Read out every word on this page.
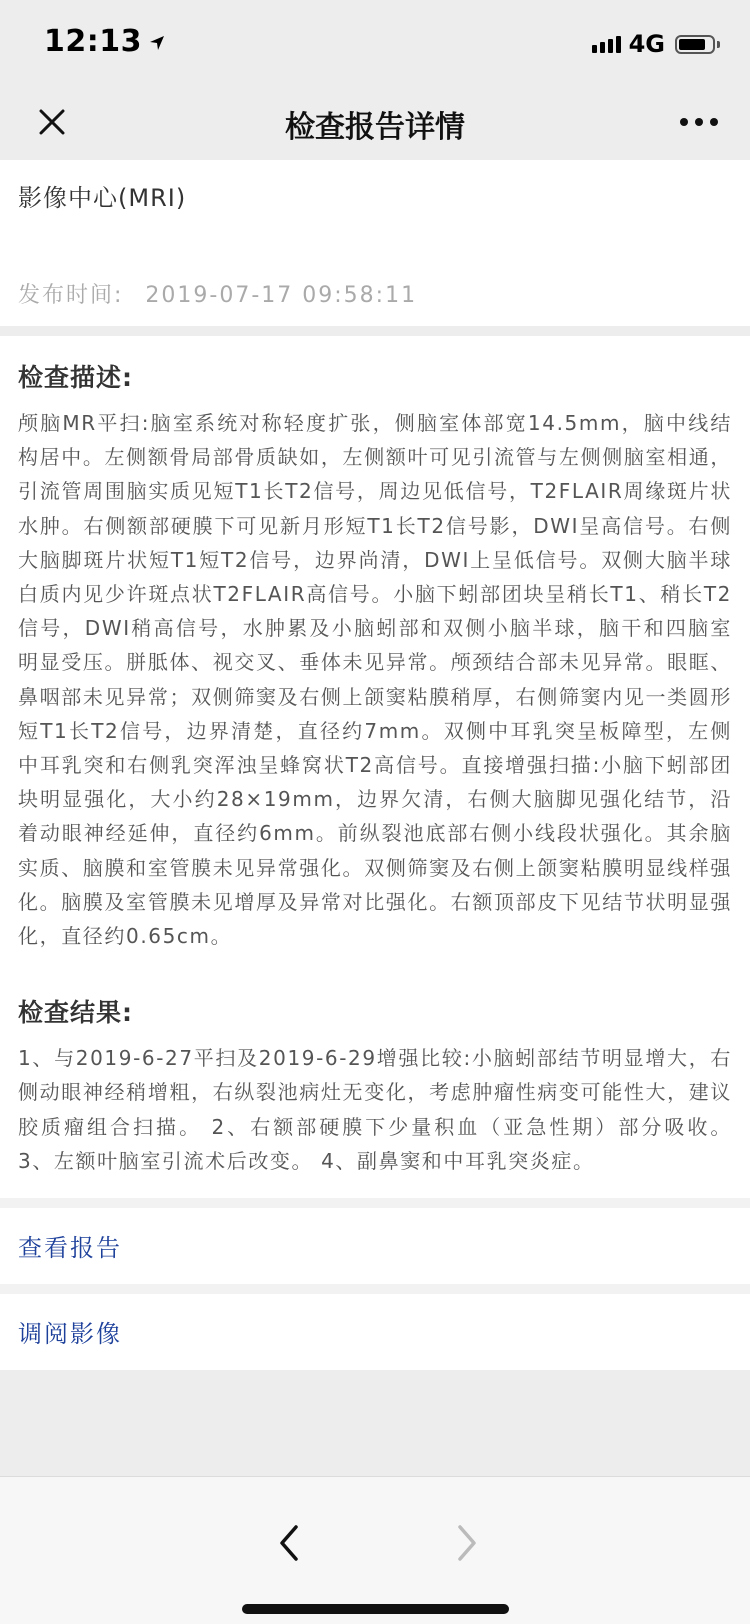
12:13	4G
检查报告详情
影像中心(MRI)
发布时间: 2019-07-17 09:58:11
检查描述:

颅脑MR平扫:脑室系统对称轻度扩张，侧脑室体部宽14.5mm，脑中线结构居中。左侧额骨局部骨质缺如，左侧额叶可见引流管与左侧侧脑室相通，引流管周围脑实质见短T1长T2信号，周边见低信号，T2FLAIR周缘斑片状水肿。右侧额部硬膜下可见新月形短T1长T2信号影，DWI呈高信号。右侧大脑脚斑片状短T1短T2信号，边界尚清，DWI上呈低信号。双侧大脑半球白质内见少许斑点状T2FLAIR高信号。小脑下蚓部团块呈稍长T1、稍长T2信号，DWI稍高信号，水肿累及小脑蚓部和双侧小脑半球，脑干和四脑室明显受压。胼胝体、视交叉、垂体未见异常。颅颈结合部未见异常。眼眶、鼻咽部未见异常；双侧筛窦及右侧上颌窦粘膜稍厚，右侧筛窦内见一类圆形短T1长T2信号，边界清楚，直径约7mm。双侧中耳乳突呈板障型，左侧中耳乳突和右侧乳突浑浊呈蜂窝状T2高信号。直接增强扫描:小脑下蚓部团块明显强化，大小约28×19mm，边界欠清，右侧大脑脚见强化结节，沿着动眼神经延伸，直径约6mm。前纵裂池底部右侧小线段状强化。其余脑实质、脑膜和室管膜未见异常强化。双侧筛窦及右侧上颌窦粘膜明显线样强化。脑膜及室管膜未见增厚及异常对比强化。右额顶部皮下见结节状明显强化，直径约0.65cm。

检查结果:

1、与2019-6-27平扫及2019-6-29增强比较:小脑蚓部结节明显增大，右侧动眼神经稍增粗，右纵裂池病灶无变化，考虑肿瘤性病变可能性大，建议胶质瘤组合扫描。 2、右额部硬膜下少量积血（亚急性期）部分吸收。 3、左额叶脑室引流术后改变。 4、副鼻窦和中耳乳突炎症。

查看报告
调阅影像
